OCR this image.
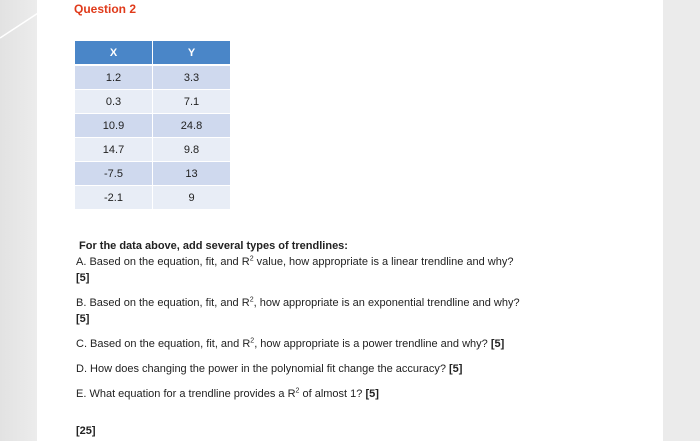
Question 2
X	Y
1.2	3.3
0.3	7.1
10.9	24.8
14.7	9.8
-7.5	13
-2.1	9

For the data above, add several types of trendlines:

A. Based on the equation, fit, and $R^2$ value, how appropriate is a linear trendline and why?
[5]

B. Based on the equation, fit, and $R^2$, how appropriate is an exponential trendline and why?
[5]

C. Based on the equation, fit, and $R^2$, how appropriate is a power trendline and why? [5]

D. How does changing the power in the polynomial fit change the accuracy? [5]

E. What equation for a trendline provides a $R^2$ of almost 1? [5]

[25]
